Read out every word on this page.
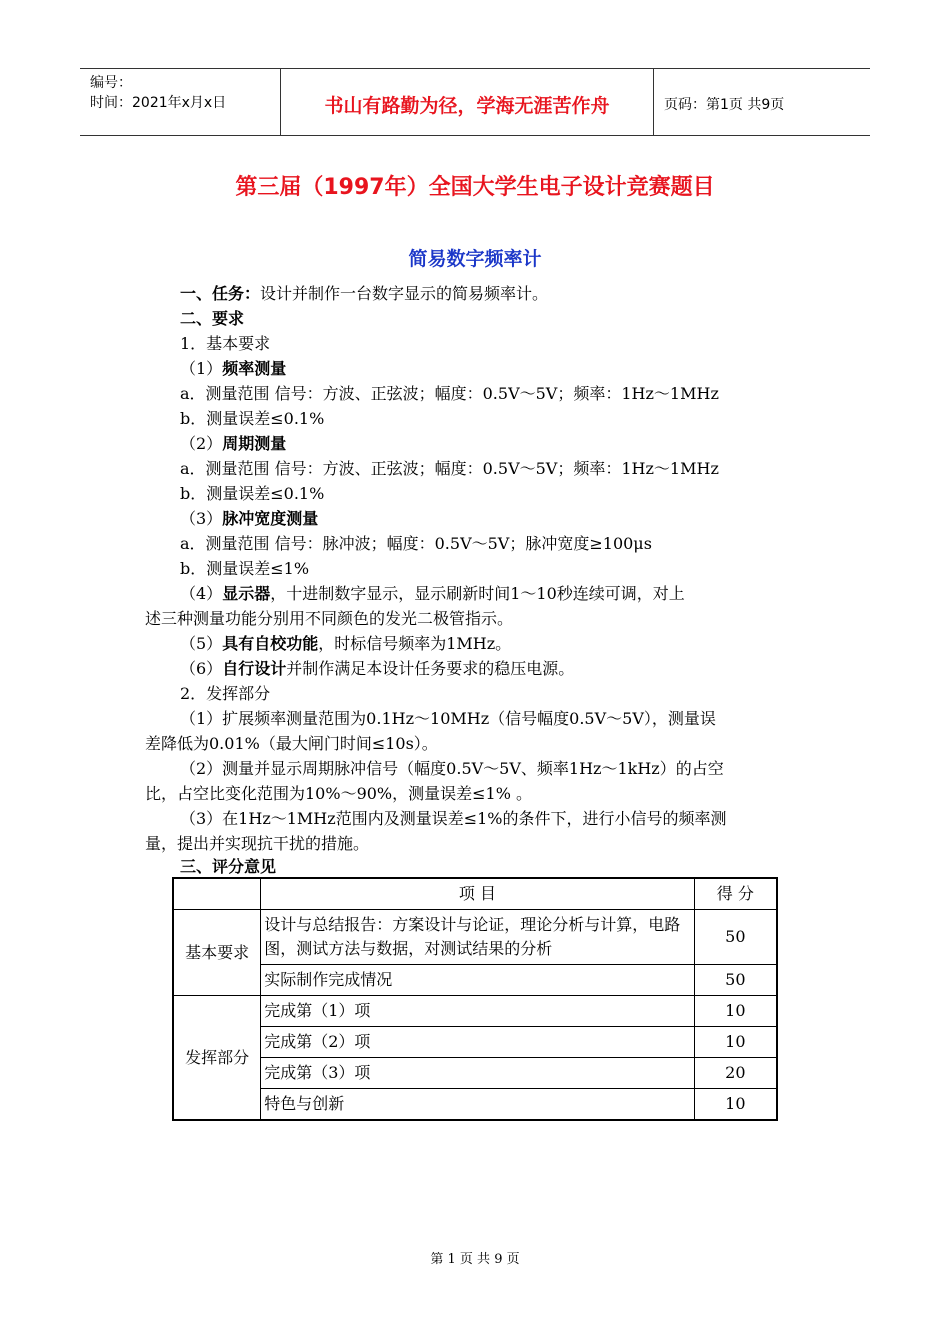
编号：
时间：2021年x月x日	书山有路勤为径，学海无涯苦作舟	页码：第1页 共9页
第三届（1997年）全国大学生电子设计竞赛题目
简易数字频率计
一、任务：设计并制作一台数字显示的简易频率计。
二、要求
1．基本要求
（1）频率测量
a．测量范围 信号：方波、正弦波；幅度：0.5V～5V；频率：1Hz～1MHz
b．测量误差≤0.1%
（2）周期测量
a．测量范围 信号：方波、正弦波；幅度：0.5V～5V；频率：1Hz～1MHz
b．测量误差≤0.1%
（3）脉冲宽度测量
a．测量范围 信号：脉冲波；幅度：0.5V～5V；脉冲宽度≥100μs
b．测量误差≤1%
（4）显示器，十进制数字显示，显示刷新时间1～10秒连续可调，对上
述三种测量功能分别用不同颜色的发光二极管指示。
（5）具有自校功能，时标信号频率为1MHz。
（6）自行设计并制作满足本设计任务要求的稳压电源。
2．发挥部分
（1）扩展频率测量范围为0.1Hz～10MHz（信号幅度0.5V～5V），测量误
差降低为0.01%（最大闸门时间≤10s）。
（2）测量并显示周期脉冲信号（幅度0.5V～5V、频率1Hz～1kHz）的占空
比，占空比变化范围为10%～90%，测量误差≤1% 。
（3）在1Hz～1MHz范围内及测量误差≤1%的条件下，进行小信号的频率测
量，提出并实现抗干扰的措施。
三、评分意见
	项 目	得 分
基本要求	设计与总结报告：方案设计与论证，理论分析与计算，电路图，测试方法与数据，对测试结果的分析	50
	实际制作完成情况	50
发挥部分	完成第（1）项	10
	完成第（2）项	10
	完成第（3）项	20
	特色与创新	10
第 1 页 共 9 页
